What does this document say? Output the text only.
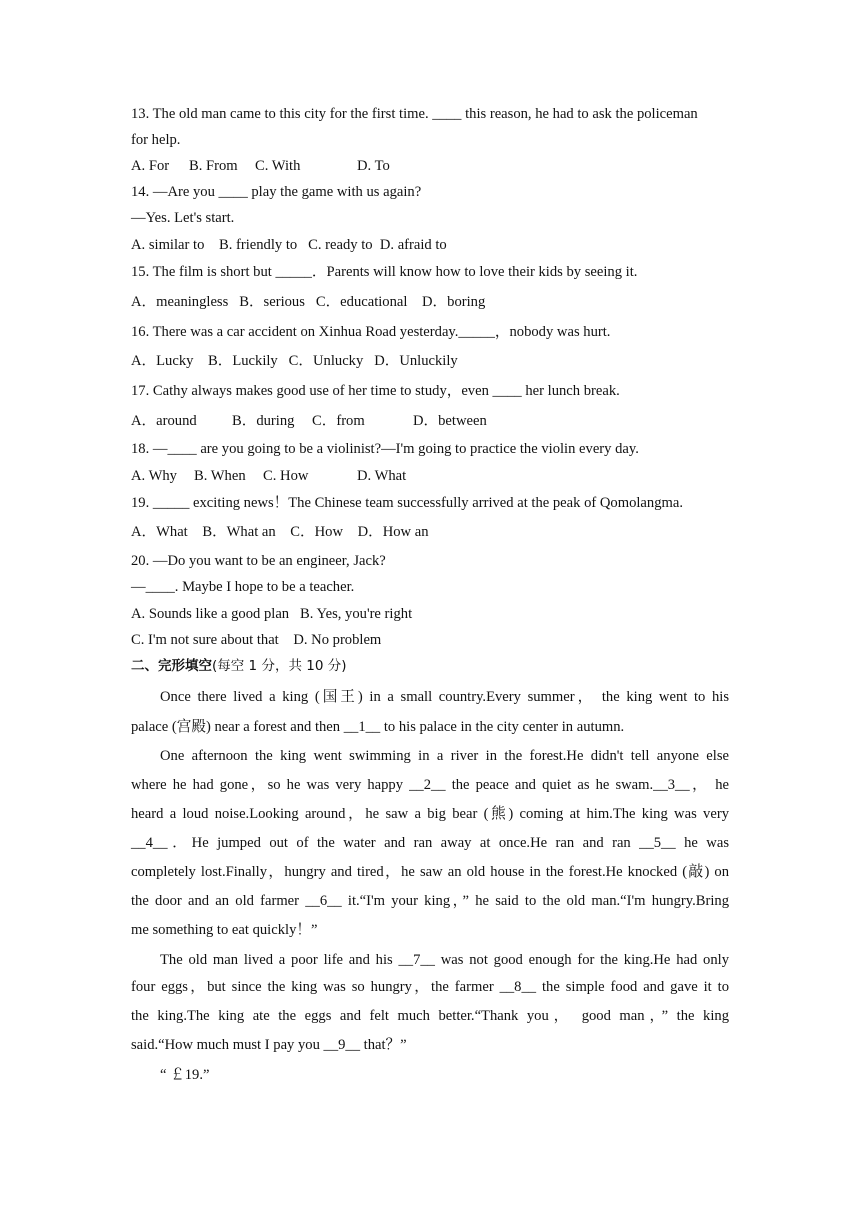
13. The old man came to this city for the first time. ____ this reason, he had to ask the policeman
for help.
A. For B. From C. With	D. To
14. —Are you ____ play the game with us again?
—Yes. Let's start.
A. similar to    B. friendly to   C. ready to  D. afraid to
15. The film is short but _____．Parents will know how to love their kids by seeing it.
A．meaningless   B．serious   C．educational    D．boring
16. There was a car accident on Xinhua Road yesterday._____，nobody was hurt.
A．Lucky    B．Luckily   C．Unlucky   D．Unluckily
17. Cathy always makes good use of her time to study，even ____ her lunch break.
A．around B．during C．from	D．between
18. —____ are you going to be a violinist?—I'm going to practice the violin every day.
A. Why B. When C. How	D. What
19. _____ exciting news！The Chinese team successfully arrived at the peak of Qomolangma.
A．What    B．What an    C．How    D．How an
20. —Do you want to be an engineer, Jack?
—____. Maybe I hope to be a teacher.
A. Sounds like a good plan   B. Yes, you're right
C. I'm not sure about that    D. No problem
二、完形填空(每空 1 分，共 10 分)
Once there lived a king (国王) in a small country.Every summer， the king went to his
palace (宫殿) near a forest and then __1__ to his palace in the city center in autumn.
One afternoon the king went swimming in a river in the forest.He didn't tell anyone else
where he had gone，so he was very happy __2__ the peace and quiet as he swam.__3__， he
heard a loud noise.Looking around，he saw a big bear (熊) coming at him.The king was very
__4__．He jumped out of the water and ran away at once.He ran and ran __5__ he was
completely lost.Finally，hungry and tired，he saw an old house in the forest.He knocked (敲) on
the door and an old farmer __6__ it.“I'm your king，” he said to the old man.“I'm hungry.Bring
me something to eat quickly！”
The old man lived a poor life and his __7__ was not good enough for the king.He had only
four eggs，but since the king was so hungry，the farmer __8__ the simple food and gave it to
the king.The king ate the eggs and felt much better.“Thank you， good man，” the king
said.“How much must I pay you __9__ that？”
“ ￡19.”
